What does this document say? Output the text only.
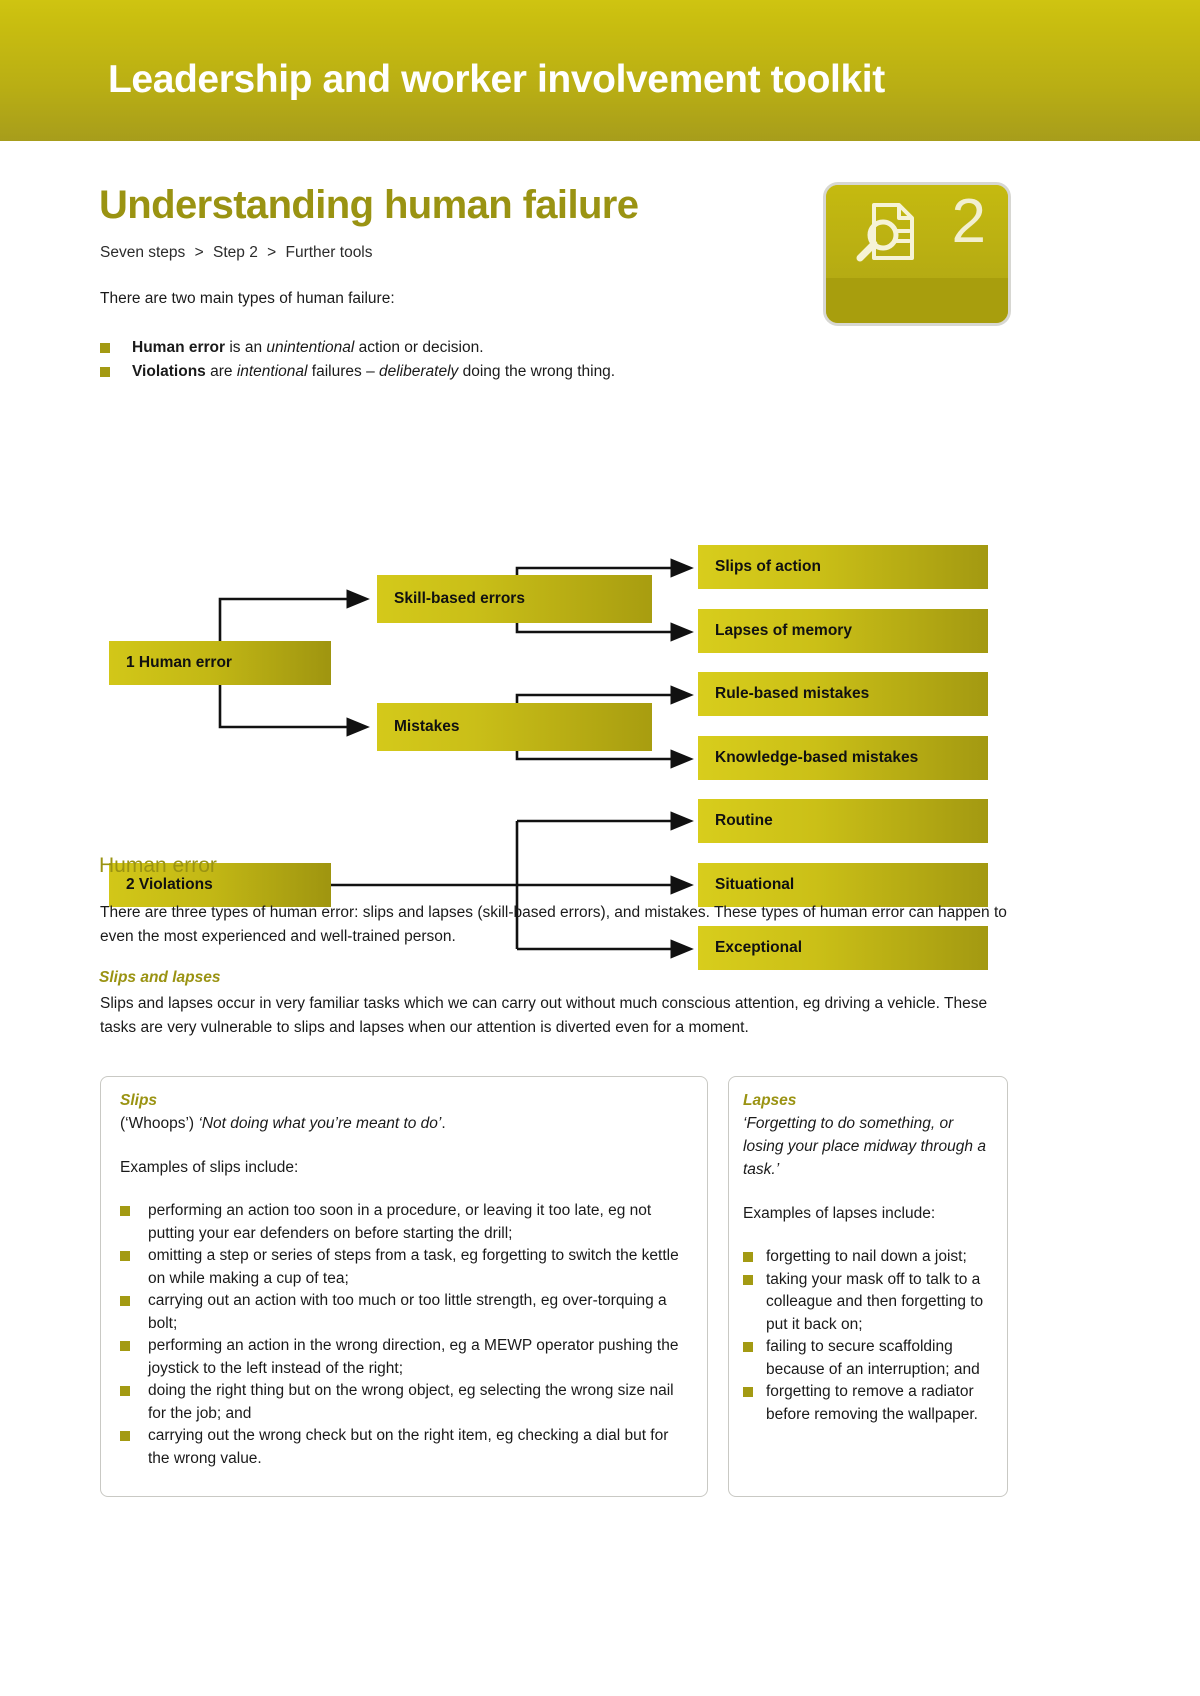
Leadership and worker involvement toolkit
Understanding human failure
Seven steps > Step 2 > Further tools
There are two main types of human failure:
2
Human error is an unintentional action or decision.
Violations are intentional failures – deliberately doing the wrong thing.
1 Human error
Skill-based errors
Mistakes
Slips of action
Lapses of memory
Rule-based mistakes
Knowledge-based mistakes
2 Violations
Routine
Situational
Exceptional
Human error
There are three types of human error: slips and lapses (skill-based errors), and mistakes. These types of human error can happen to even the most experienced and well-trained person.
Slips and lapses
Slips and lapses occur in very familiar tasks which we can carry out without much conscious attention, eg driving a vehicle. These tasks are very vulnerable to slips and lapses when our attention is diverted even for a moment.
Slips

(‘Whoops’) ‘Not doing what you’re meant to do’.

Examples of slips include:

performing an action too soon in a procedure, or leaving it too late, eg not putting your ear defenders on before starting the drill;
omitting a step or series of steps from a task, eg forgetting to switch the kettle on while making a cup of tea;
carrying out an action with too much or too little strength, eg over-torquing a bolt;
performing an action in the wrong direction, eg a MEWP operator pushing the joystick to the left instead of the right;
doing the right thing but on the wrong object, eg selecting the wrong size nail for the job; and
carrying out the wrong check but on the right item, eg checking a dial but for the wrong value.
Lapses

‘Forgetting to do something, or losing your place midway through a task.’

Examples of lapses include:

forgetting to nail down a joist;
taking your mask off to talk to a colleague and then forgetting to put it back on;
failing to secure scaffolding because of an interruption; and
forgetting to remove a radiator before removing the wallpaper.
